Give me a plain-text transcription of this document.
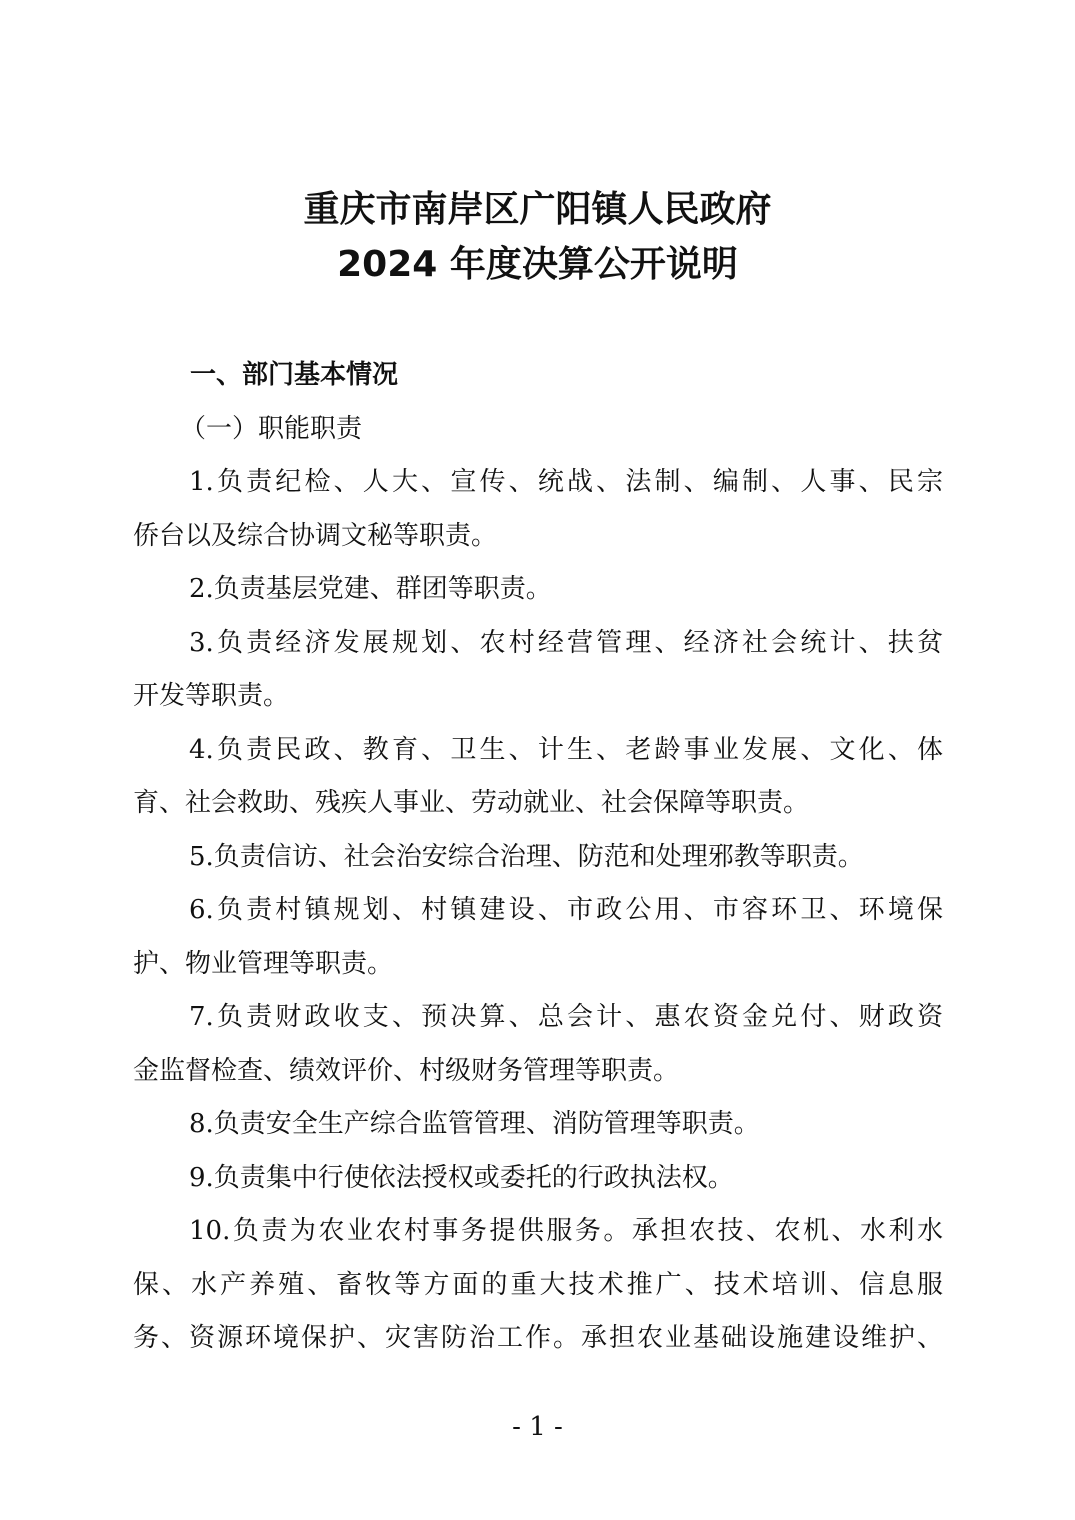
重庆市南岸区广阳镇人民政府
2024 年度决算公开说明
一、部门基本情况
（一）职能职责
1.负责纪检、人大、宣传、统战、法制、编制、人事、民宗
侨台以及综合协调文秘等职责。
2.负责基层党建、群团等职责。
3.负责经济发展规划、农村经营管理、经济社会统计、扶贫
开发等职责。
4.负责民政、教育、卫生、计生、老龄事业发展、文化、体
育、社会救助、残疾人事业、劳动就业、社会保障等职责。
5.负责信访、社会治安综合治理、防范和处理邪教等职责。
6.负责村镇规划、村镇建设、市政公用、市容环卫、环境保
护、物业管理等职责。
7.负责财政收支、预决算、总会计、惠农资金兑付、财政资
金监督检查、绩效评价、村级财务管理等职责。
8.负责安全生产综合监管管理、消防管理等职责。
9.负责集中行使依法授权或委托的行政执法权。
10.负责为农业农村事务提供服务。承担农技、农机、水利水
保、水产养殖、畜牧等方面的重大技术推广、技术培训、信息服
务、资源环境保护、灾害防治工作。承担农业基础设施建设维护、
- 1 -
